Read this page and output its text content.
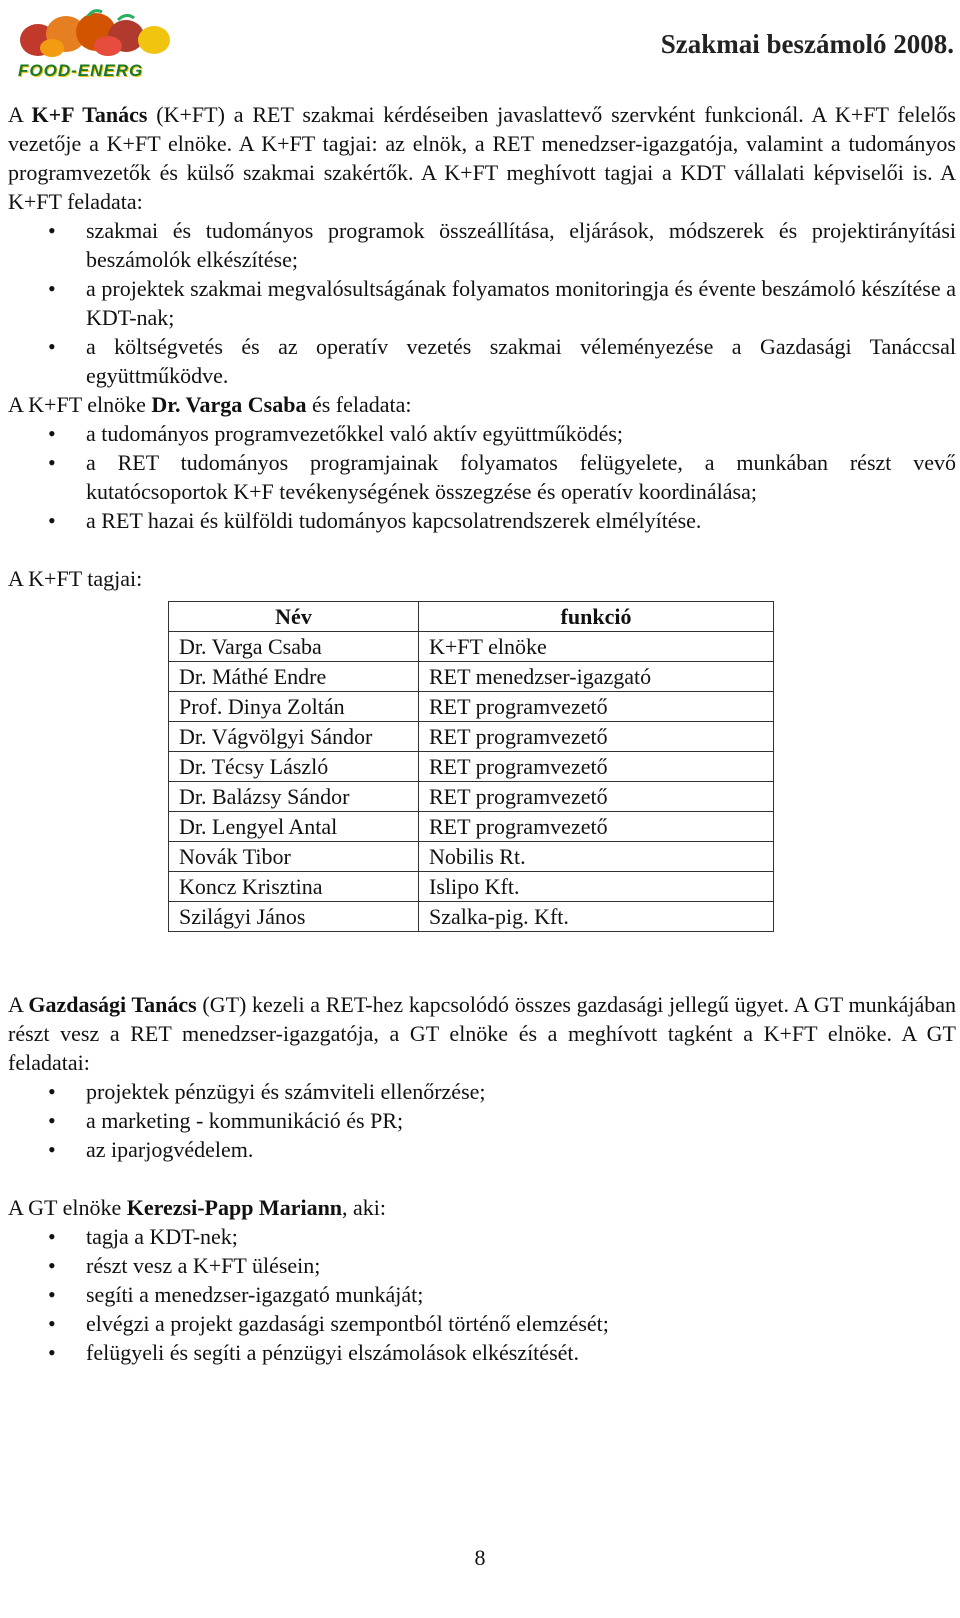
FOOD-ENERG
Szakmai beszámoló 2008.

A K+F Tanács (K+FT) a RET szakmai kérdéseiben javaslattevő szervként funkcionál. A K+FT felelős vezetője a K+FT elnöke. A K+FT tagjai: az elnök, a RET menedzser-igazgatója, valamint a tudományos programvezetők és külső szakmai szakértők. A K+FT meghívott tagjai a KDT vállalati képviselői is. A K+FT feladata:

• szakmai és tudományos programok összeállítása, eljárások, módszerek és projektirányítási beszámolók elkészítése;
• a projektek szakmai megvalósultságának folyamatos monitoringja és évente beszámoló készítése a KDT-nak;
• a költségvetés és az operatív vezetés szakmai véleményezése a Gazdasági Tanáccsal együttműködve.

A K+FT elnöke Dr. Varga Csaba és feladata:

• a tudományos programvezetőkkel való aktív együttműködés;
• a RET tudományos programjainak folyamatos felügyelete, a munkában részt vevő kutatócsoportok K+F tevékenységének összegzése és operatív koordinálása;
• a RET hazai és külföldi tudományos kapcsolatrendszerek elmélyítése.

A K+FT tagjai:

Név	funkció
Dr. Varga Csaba	K+FT elnöke
Dr. Máthé Endre	RET menedzser-igazgató
Prof. Dinya Zoltán	RET programvezető
Dr. Vágvölgyi Sándor	RET programvezető
Dr. Técsy László	RET programvezető
Dr. Balázsy Sándor	RET programvezető
Dr. Lengyel Antal	RET programvezető
Novák Tibor	Nobilis Rt.
Koncz Krisztina	Islipo Kft.
Szilágyi János	Szalka-pig. Kft.

A Gazdasági Tanács (GT) kezeli a RET-hez kapcsolódó összes gazdasági jellegű ügyet. A GT munkájában részt vesz a RET menedzser-igazgatója, a GT elnöke és a meghívott tagként a K+FT elnöke. A GT feladatai:

• projektek pénzügyi és számviteli ellenőrzése;
• a marketing - kommunikáció és PR;
• az iparjogvédelem.

A GT elnöke Kerezsi-Papp Mariann, aki:

• tagja a KDT-nek;
• részt vesz a K+FT ülésein;
• segíti a menedzser-igazgató munkáját;
• elvégzi a projekt gazdasági szempontból történő elemzését;
• felügyeli és segíti a pénzügyi elszámolások elkészítését.
8
